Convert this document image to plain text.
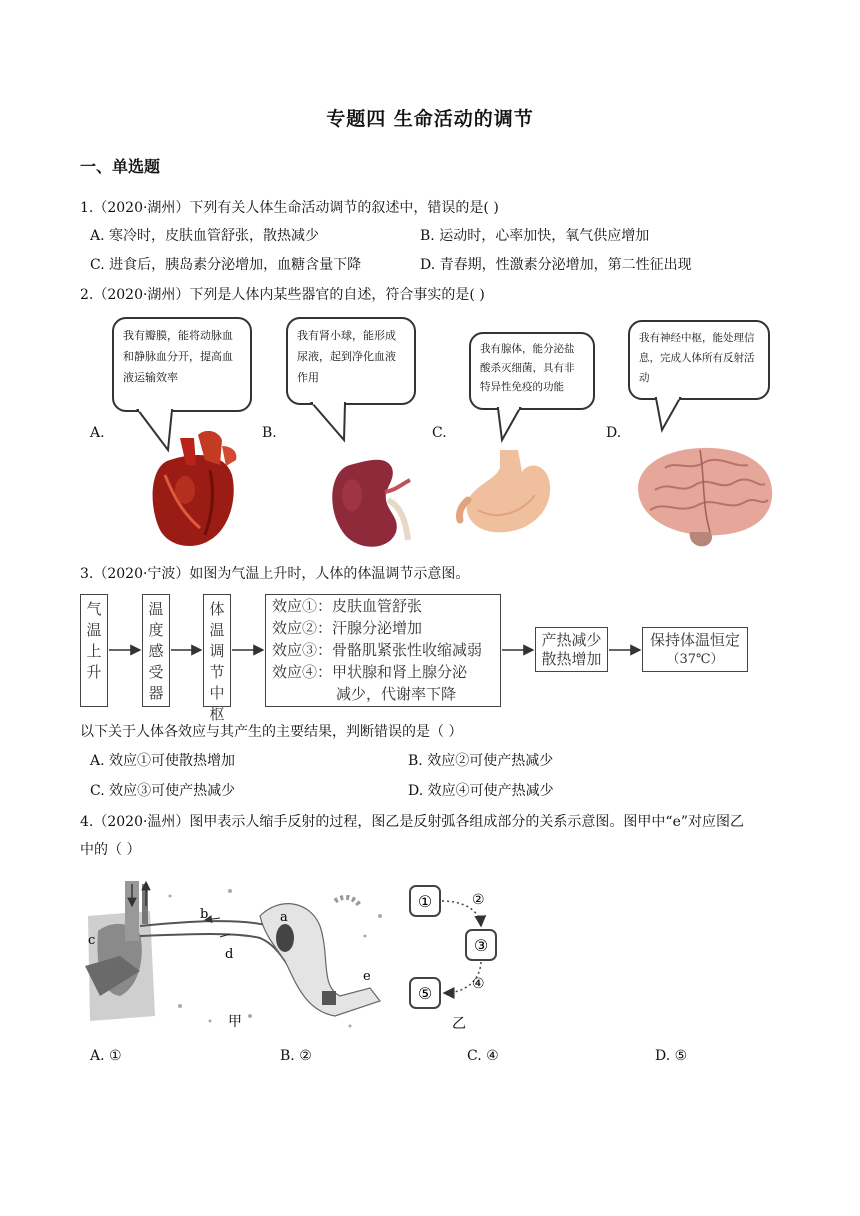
专题四 生命活动的调节
一、单选题
1.（2020·湖州）下列有关人体生命活动调节的叙述中，错误的是( )
A. 寒冷时，皮肤血管舒张，散热减少	B. 运动时，心率加快，氧气供应增加
C. 进食后，胰岛素分泌增加，血糖含量下降	D. 青春期，性激素分泌增加，第二性征出现
2.（2020·湖州）下列是人体内某些器官的自述，符合事实的是( )
A.	B.	C.	D.
我有瓣膜，能将动脉血和静脉血分开，提高血液运输效率
我有肾小球，能形成尿液，起到净化血液作用
我有腺体，能分泌盐酸杀灭细菌，具有非特异性免疫的功能
我有神经中枢，能处理信息，完成人体所有反射活动
3.（2020·宁波）如图为气温上升时，人体的体温调节示意图。
气温上升
温度感受器
体温调节中枢
效应①：皮肤血管舒张
效应②：汗腺分泌增加
效应③：骨骼肌紧张性收缩减弱
效应④：甲状腺和肾上腺分泌
减少，代谢率下降
产热减少
散热增加
保持体温恒定
（37℃）
以下关于人体各效应与其产生的主要结果，判断错误的是（ ）
A. 效应①可使散热增加	B. 效应②可使产热减少
C. 效应③可使产热减少	D. 效应④可使产热减少
4.（2020·温州）图甲表示人缩手反射的过程，图乙是反射弧各组成部分的关系示意图。图甲中“e”对应图乙
中的（ ）
b	a
c
d
e
甲
①
③
⑤
②
④
乙
A. ①	B. ②	C. ④	D. ⑤
